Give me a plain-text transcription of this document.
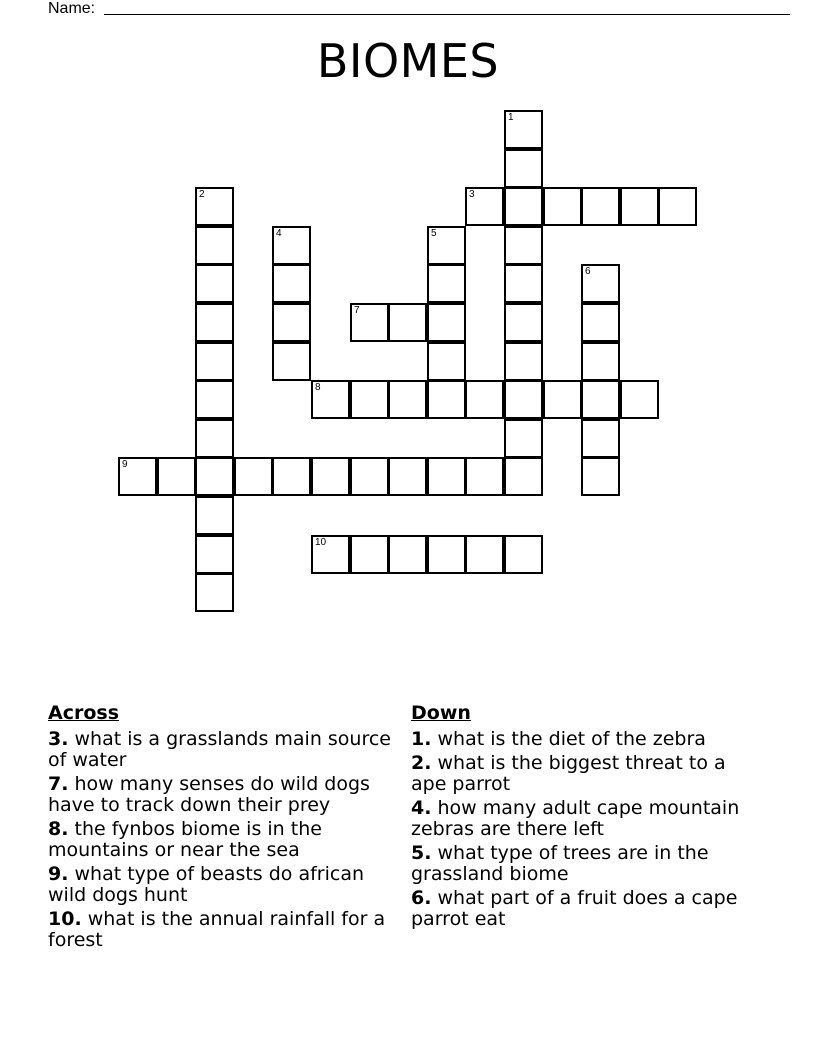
Name:
BIOMES
1
2	3
4	5
6
7
8
9
10
Across
3. what is a grasslands main source of water
7. how many senses do wild dogs have to track down their prey
8. the fynbos biome is in the mountains or near the sea
9. what type of beasts do african wild dogs hunt
10. what is the annual rainfall for a forest
Down
1. what is the diet of the zebra
2. what is the biggest threat to a ape parrot
4. how many adult cape mountain zebras are there left
5. what type of trees are in the grassland biome
6. what part of a fruit does a cape parrot eat
